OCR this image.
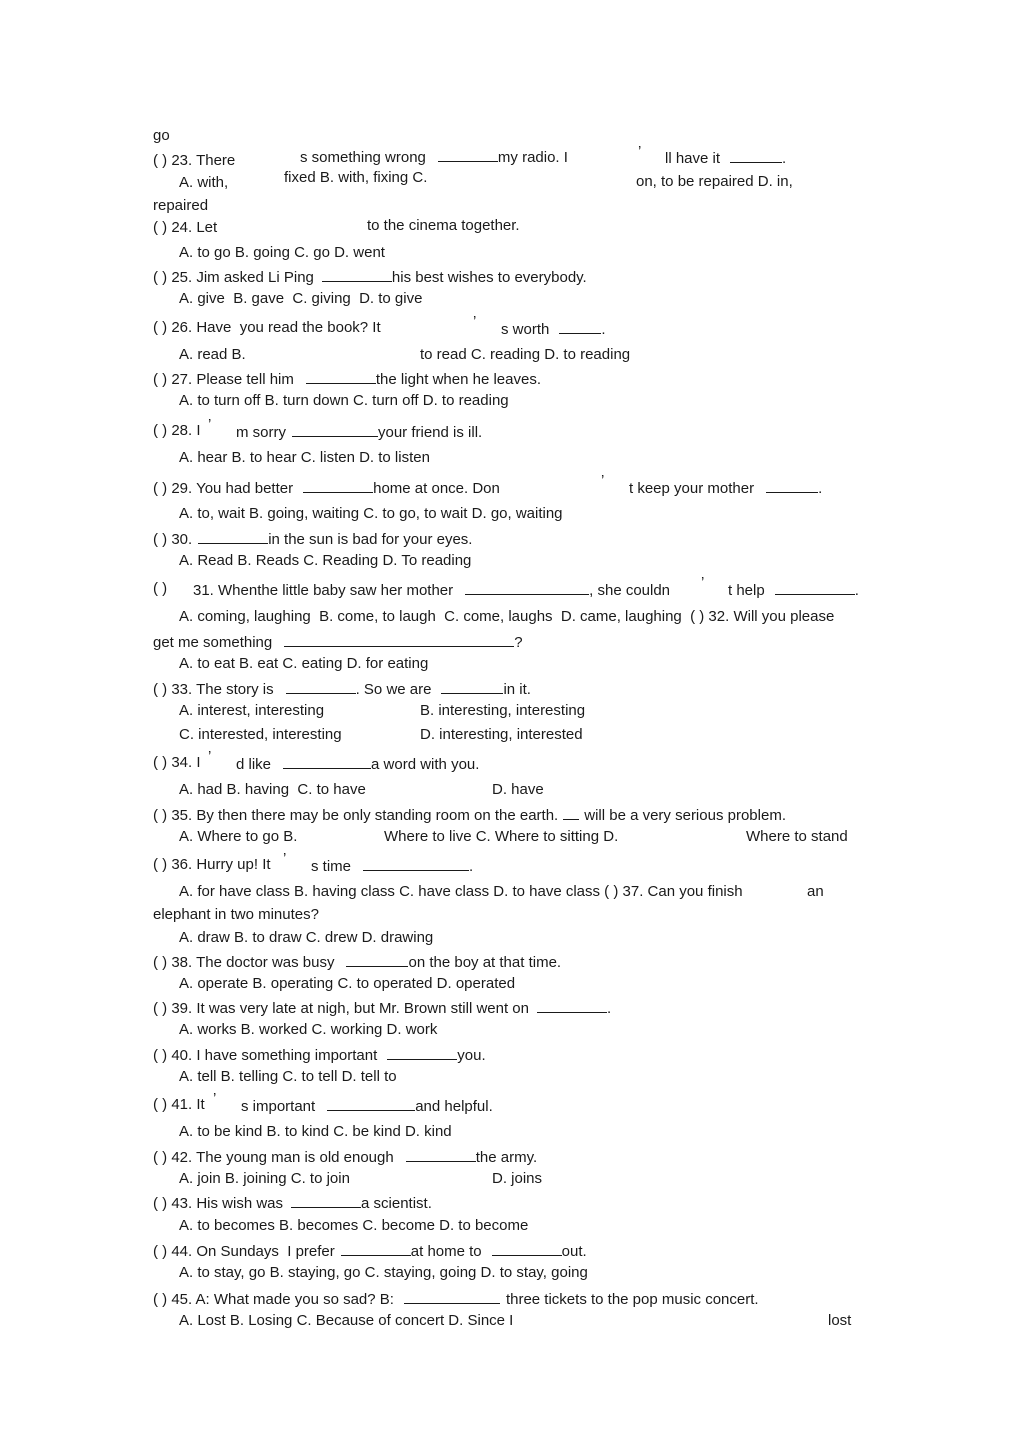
go
( ) 23. There	s something wrong	my radio. I	’ ll have it	.
A. with,	fixed B. with, fixing C.	on, to be repaired D. in,
repaired
( ) 24. Let	to the cinema together.
A. to go B. going C. go D. went
( ) 25. Jim asked Li Ping	his best wishes to everybody.
A. give  B. gave  C. giving  D. to give
( ) 26. Have  you read the book? It	’ s worth	.
A. read B.	to read C. reading D. to reading
( ) 27. Please tell him	the light when he leaves.
A. to turn off B. turn down C. turn off D. to reading
( ) 28. I ’ m sorry	your friend is ill.
A. hear B. to hear C. listen D. to listen
( ) 29. You had better	home at once. Don	’ t keep your mother	.
A. to, wait B. going, waiting C. to go, to wait D. go, waiting
( ) 30.	in the sun is bad for your eyes.
A. Read B. Reads C. Reading D. To reading
( ) 31. Whenthe little baby saw her mother	, she couldn ’ t help	.
A. coming, laughing  B. come, to laugh  C. come, laughs  D. came, laughing  ( ) 32. Will you please
get me something	?
A. to eat B. eat C. eating D. for eating
( ) 33. The story is	. So we are	in it.
A. interest, interesting	B. interesting, interesting
C. interested, interesting	D. interesting, interested
( ) 34. I ’ d like	a word with you.
A. had B. having  C. to have	D. have
( ) 35. By then there may be only standing room on the earth. will be a very serious problem.
A. Where to go B.	Where to live C. Where to sitting D.	Where to stand
( ) 36. Hurry up! It ’ s time	.
A. for have class B. having class C. have class D. to have class ( ) 37. Can you finish	an
elephant in two minutes?
A. draw B. to draw C. drew D. drawing
( ) 38. The doctor was busy	on the boy at that time.
A. operate B. operating C. to operated D. operated
( ) 39. It was very late at nigh, but Mr. Brown still went on	.
A. works B. worked C. working D. work
( ) 40. I have something important	you.
A. tell B. telling C. to tell D. tell to
( ) 41. It ’ s important	and helpful.
A. to be kind B. to kind C. be kind D. kind
( ) 42. The young man is old enough	the army.
A. join B. joining C. to join	D. joins
( ) 43. His wish was	a scientist.
A. to becomes B. becomes C. become D. to become
( ) 44. On Sundays  I prefer	at home to	out.
A. to stay, go B. staying, go C. staying, going D. to stay, going
( ) 45. A: What made you so sad? B:	three tickets to the pop music concert.
A. Lost B. Losing C. Because of concert D. Since I	lost
